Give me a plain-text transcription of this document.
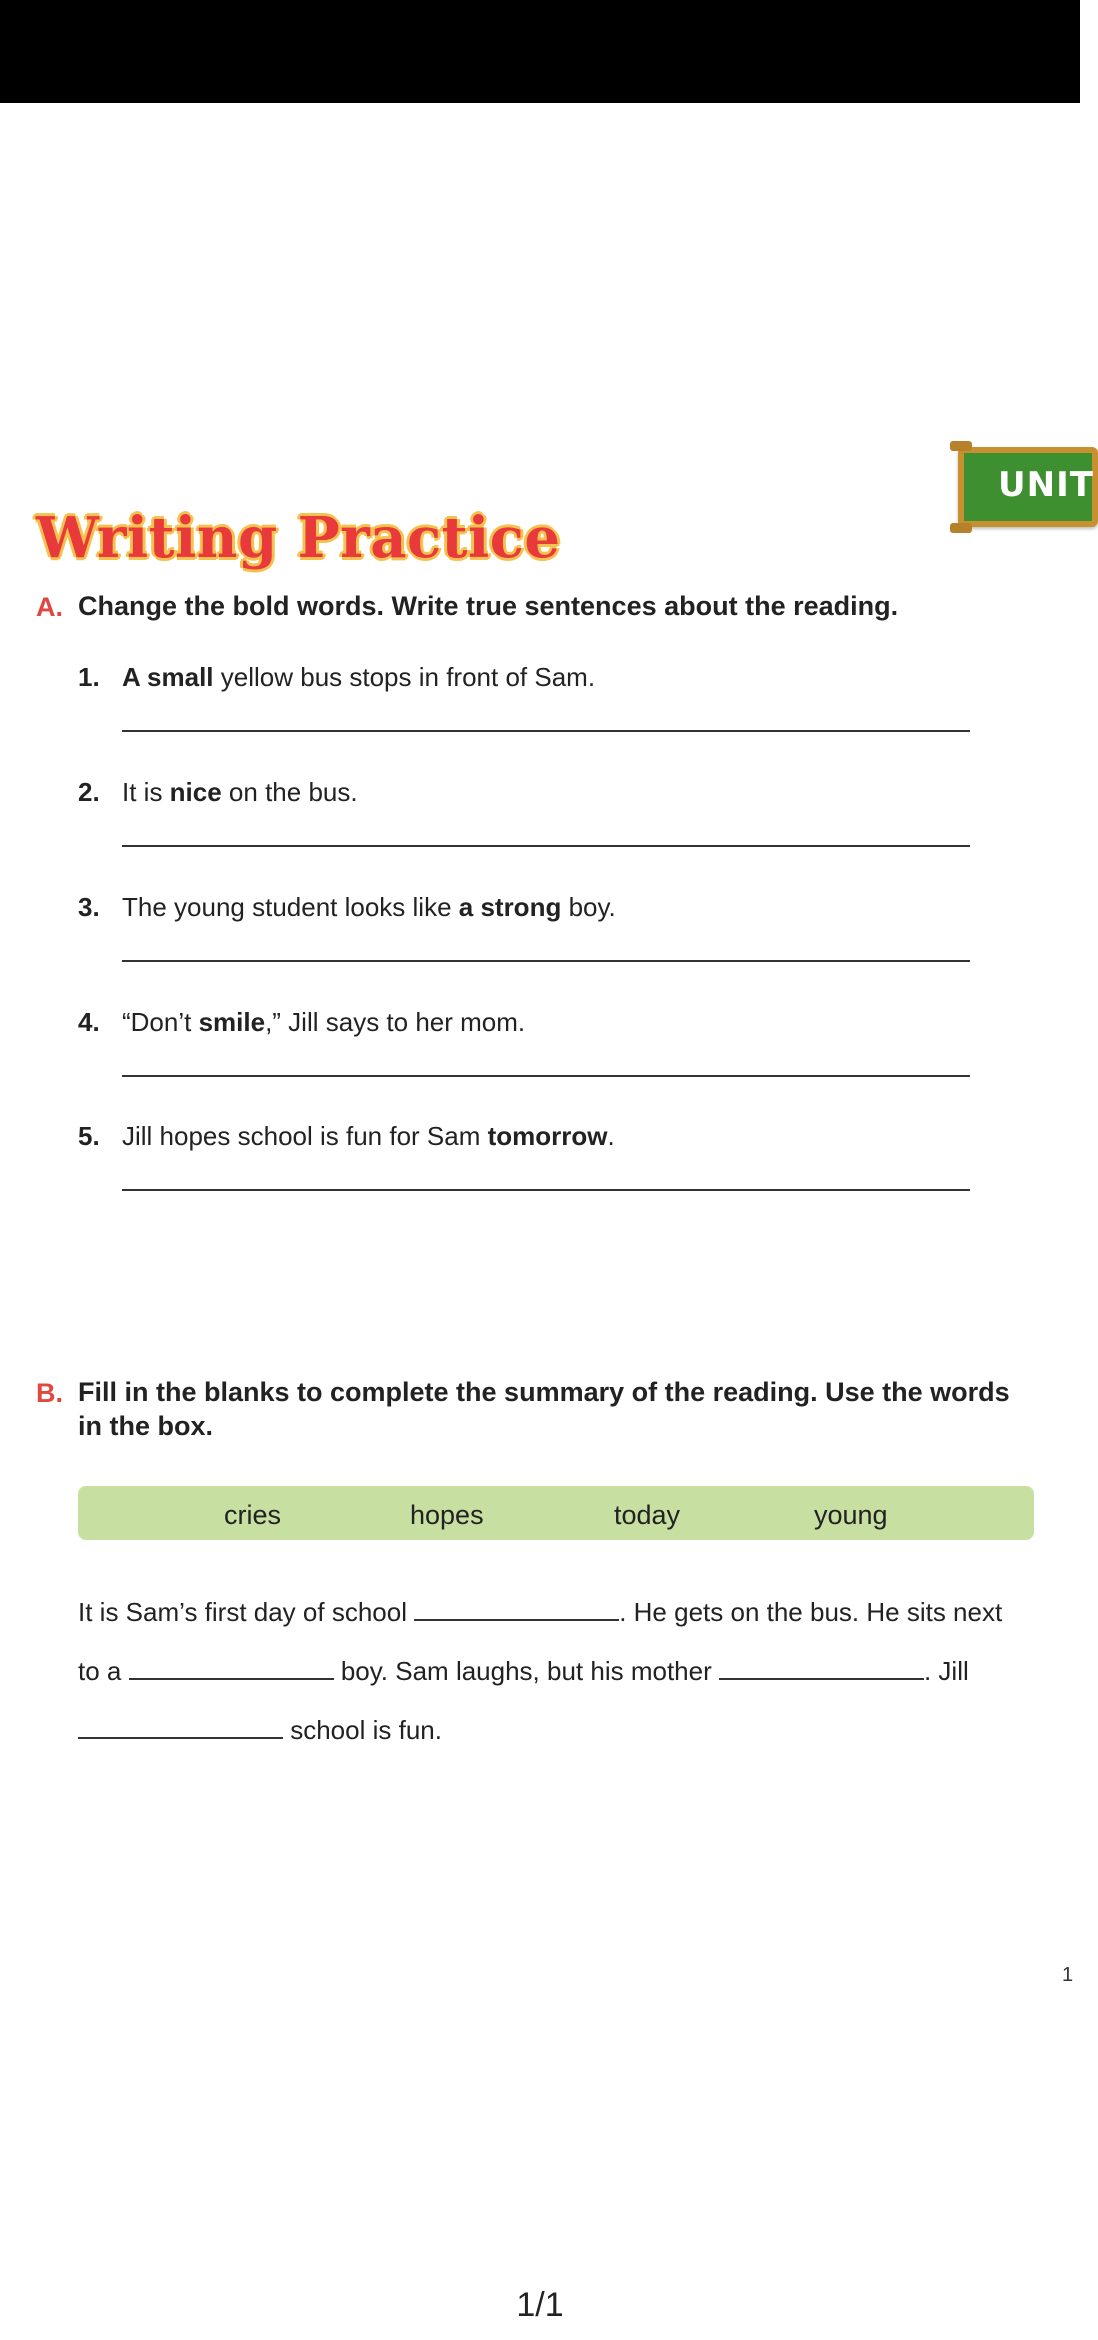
UNIT
Writing Practice
A. Change the bold words. Write true sentences about the reading.
1. A small yellow bus stops in front of Sam.
2. It is nice on the bus.
3. The young student looks like a strong boy.
4. “Don’t smile,” Jill says to her mom.
5. Jill hopes school is fun for Sam tomorrow.
B. Fill in the blanks to complete the summary of the reading. Use the words
in the box.
cries	hopes	today	young
It is Sam’s first day of school	. He gets on the bus. He sits next
to a	boy. Sam laughs, but his mother	. Jill
school is fun.
1
1/1
